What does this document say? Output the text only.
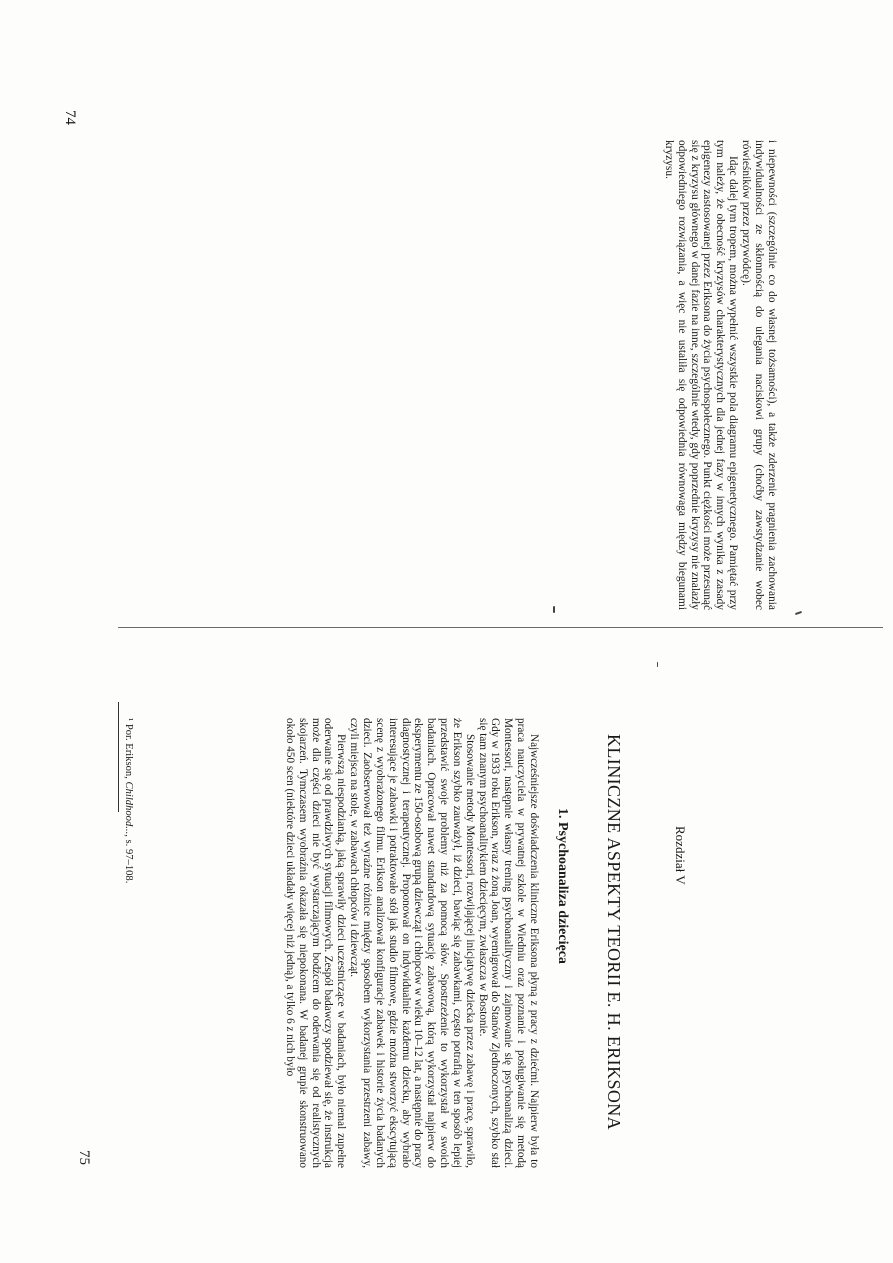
i niepewności (szczególnie co do własnej tożsamości), a także zderzenie pragnienia zachowania indywidualności ze skłonnością do ulegania naciskowi grupy (choćby zawstydzanie wobec rówieśników przez przywódcę).

Idąc dalej tym tropem, można wypełnić wszystkie pola diagramu epigenetycznego. Pamiętać przy tym należy, że obecność kryzysów charakterystycznych dla jednej fazy w innych wynika z zasady epigenezy zastosowanej przez Eriksona do życia psychospołecznego. Punkt ciężkości może przesunąć się z kryzysu głównego w danej fazie na inne, szczególnie wtedy, gdy poprzednie kryzysy nie znalazły odpowiedniego rozwiązania, a więc nie ustaliła się odpowiednia równowaga między biegunami kryzysu.

74
Rozdział V
KLINICZNE ASPEKTY TEORII E. H. ERIKSONA
1. Psychoanaliza dziecięca

Najwcześniejsze doświadczenia kliniczne Eriksona płyną z pracy z dziećmi. Najpierw była to praca nauczyciela w prywatnej szkole w Wiedniu oraz poznanie i posługiwanie się metodą Montessori, następnie własny trening psychoanalityczny i zajmowanie się psychoanalizą dzieci. Gdy w 1933 roku Erikson, wraz z żoną Joan, wyemigrował do Stanów Zjednoczonych, szybko stał się tam znanym psychoanalitykiem dziecięcym, zwłaszcza w Bostonie.

Stosowanie metody Montessori, rozwijającej inicjatywę dziecka przez zabawę i pracę, sprawiło, że Erikson szybko zauważył, iż dzieci, bawiąc się zabawkami, często potrafią w ten sposób lepiej przedstawić swoje problemy niż za pomocą słów. Spostrzeżenie to wykorzystał w swoich badaniach. Opracował nawet standardową sytuację zabawową, którą wykorzystał najpierw do eksperymentu ze 150-osobową grupą dziewcząt i chłopców w wieku 10–12 lat, a następnie do pracy diagnostycznej i terapeutycznej. Proponował on indywidualnie każdemu dziecku, aby wybrało interesujące je zabawki i potraktowało stół jak studio filmowe, gdzie można stworzyć ekscytującą scenę z wyobrażonego filmu. Erikson analizował konfiguracje zabawek i historie życia badanych dzieci. Zaobserwował też wyraźne różnice między sposobem wykorzystania przestrzeni zabawy, czyli miejsca na stole, w zabawach chłopców i dziewcząt.

Pierwszą niespodzianką, jaką sprawiły dzieci uczestniczące w badaniach, było niemal zupełne oderwanie się od prawdziwych sytuacji filmowych. Zespół badawczy spodziewał się, że instrukcja może dla części dzieci nie być wystarczającym bodźcem do oderwania się od realistycznych skojarzeń. Tymczasem wyobraźnia okazała się niepokonana. W badanej grupie skonstruowano około 450 scen (niektóre dzieci układały więcej niż jedną), a tylko 6 z nich było

¹ Por. Erikson, Childhood..., s. 97–108.
75
